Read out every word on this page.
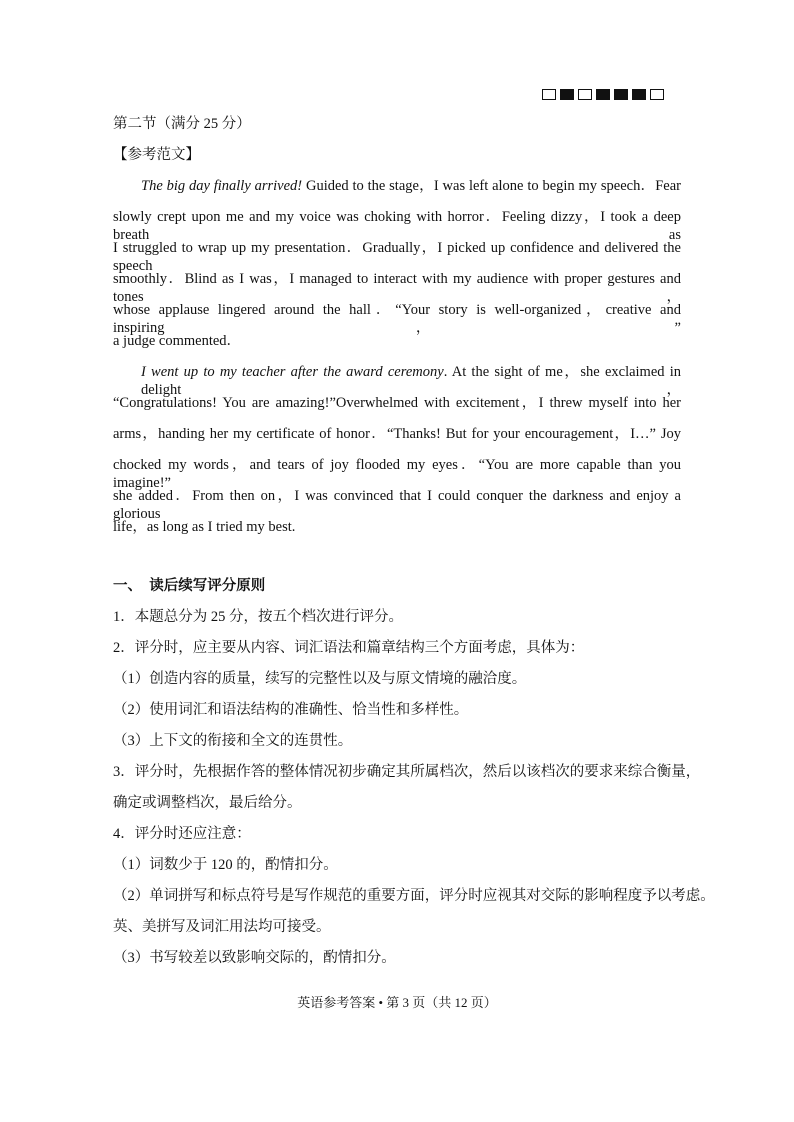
第二节（满分 25 分）
【参考范文】
The big day finally arrived! Guided to the stage，I was left alone to begin my speech．Fear
slowly crept upon me and my voice was choking with horror．Feeling dizzy，I took a deep breath as
I struggled to wrap up my presentation．Gradually，I picked up confidence and delivered the speech
smoothly．Blind as I was，I managed to interact with my audience with proper gestures and tones，
whose applause lingered around the hall．“Your story is well-organized，creative and inspiring，”
a judge commented．
I went up to my teacher after the award ceremony. At the sight of me，she exclaimed in delight，
“Congratulations! You are amazing!”Overwhelmed with excitement，I threw myself into her
arms，handing her my certificate of honor．“Thanks! But for your encouragement，I…” Joy
chocked my words，and tears of joy flooded my eyes．“You are more capable than you imagine!”
she added．From then on，I was convinced that I could conquer the darkness and enjoy a glorious
life，as long as I tried my best.
一、　读后续写评分原则
1．本题总分为 25 分，按五个档次进行评分。
2．评分时，应主要从内容、词汇语法和篇章结构三个方面考虑，具体为：
（1）创造内容的质量，续写的完整性以及与原文情境的融洽度。
（2）使用词汇和语法结构的准确性、恰当性和多样性。
（3）上下文的衔接和全文的连贯性。
3．评分时，先根据作答的整体情况初步确定其所属档次，然后以该档次的要求来综合衡量，
确定或调整档次，最后给分。
4．评分时还应注意：
（1）词数少于 120 的，酌情扣分。
（2）单词拼写和标点符号是写作规范的重要方面，评分时应视其对交际的影响程度予以考虑。
英、美拼写及词汇用法均可接受。
（3）书写较差以致影响交际的，酌情扣分。
英语参考答案 • 第 3 页（共 12 页）
